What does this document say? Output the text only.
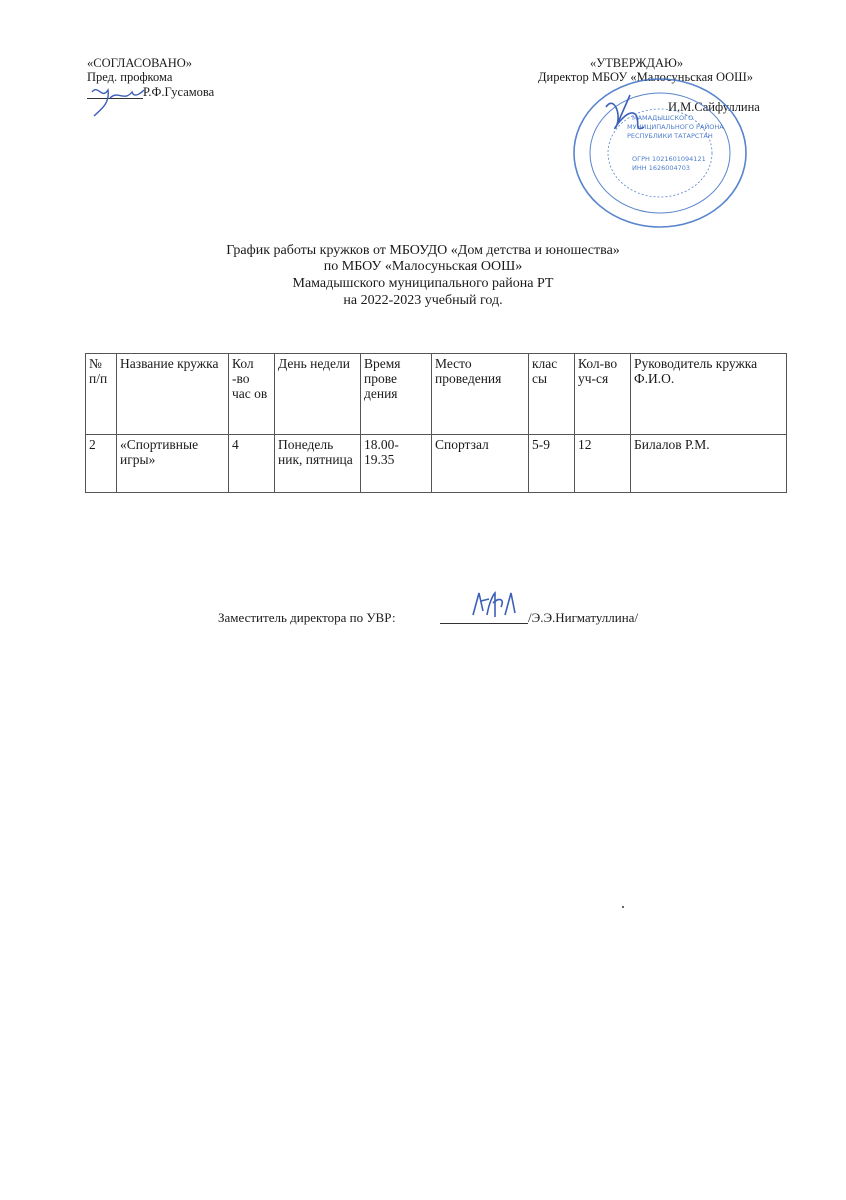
«СОГЛАСОВАНО»
Пред. профкома
Р.Ф.Гусамова
«УТВЕРЖДАЮ»
Директор МБОУ «Малосуньская ООШ»
И.М.Сайфуллина
МАМАДЫШСКОГО
МУНИЦИПАЛЬНОГО РАЙОНА
РЕСПУБЛИКИ ТАТАРСТАН
ОГРН 1021601094121
ИНН 1626004703
График работы кружков от МБОУДО «Дом детства и юношества»
по МБОУ «Малосуньская ООШ»
Мамадышского муниципального района РТ
на 2022-2023 учебный год.
№ п/п	Название кружка	Кол -во час ов	День недели	Время прове дения	Место проведения	клас сы	Кол-во уч-ся	Руководитель кружка Ф.И.О.
2	«Спортивные игры»	4	Понедель ник, пятница	18.00-19.35	Спортзал	5-9	12	Билалов Р.М.
Заместитель директора по УВР:	/Э.Э.Нигматуллина/
